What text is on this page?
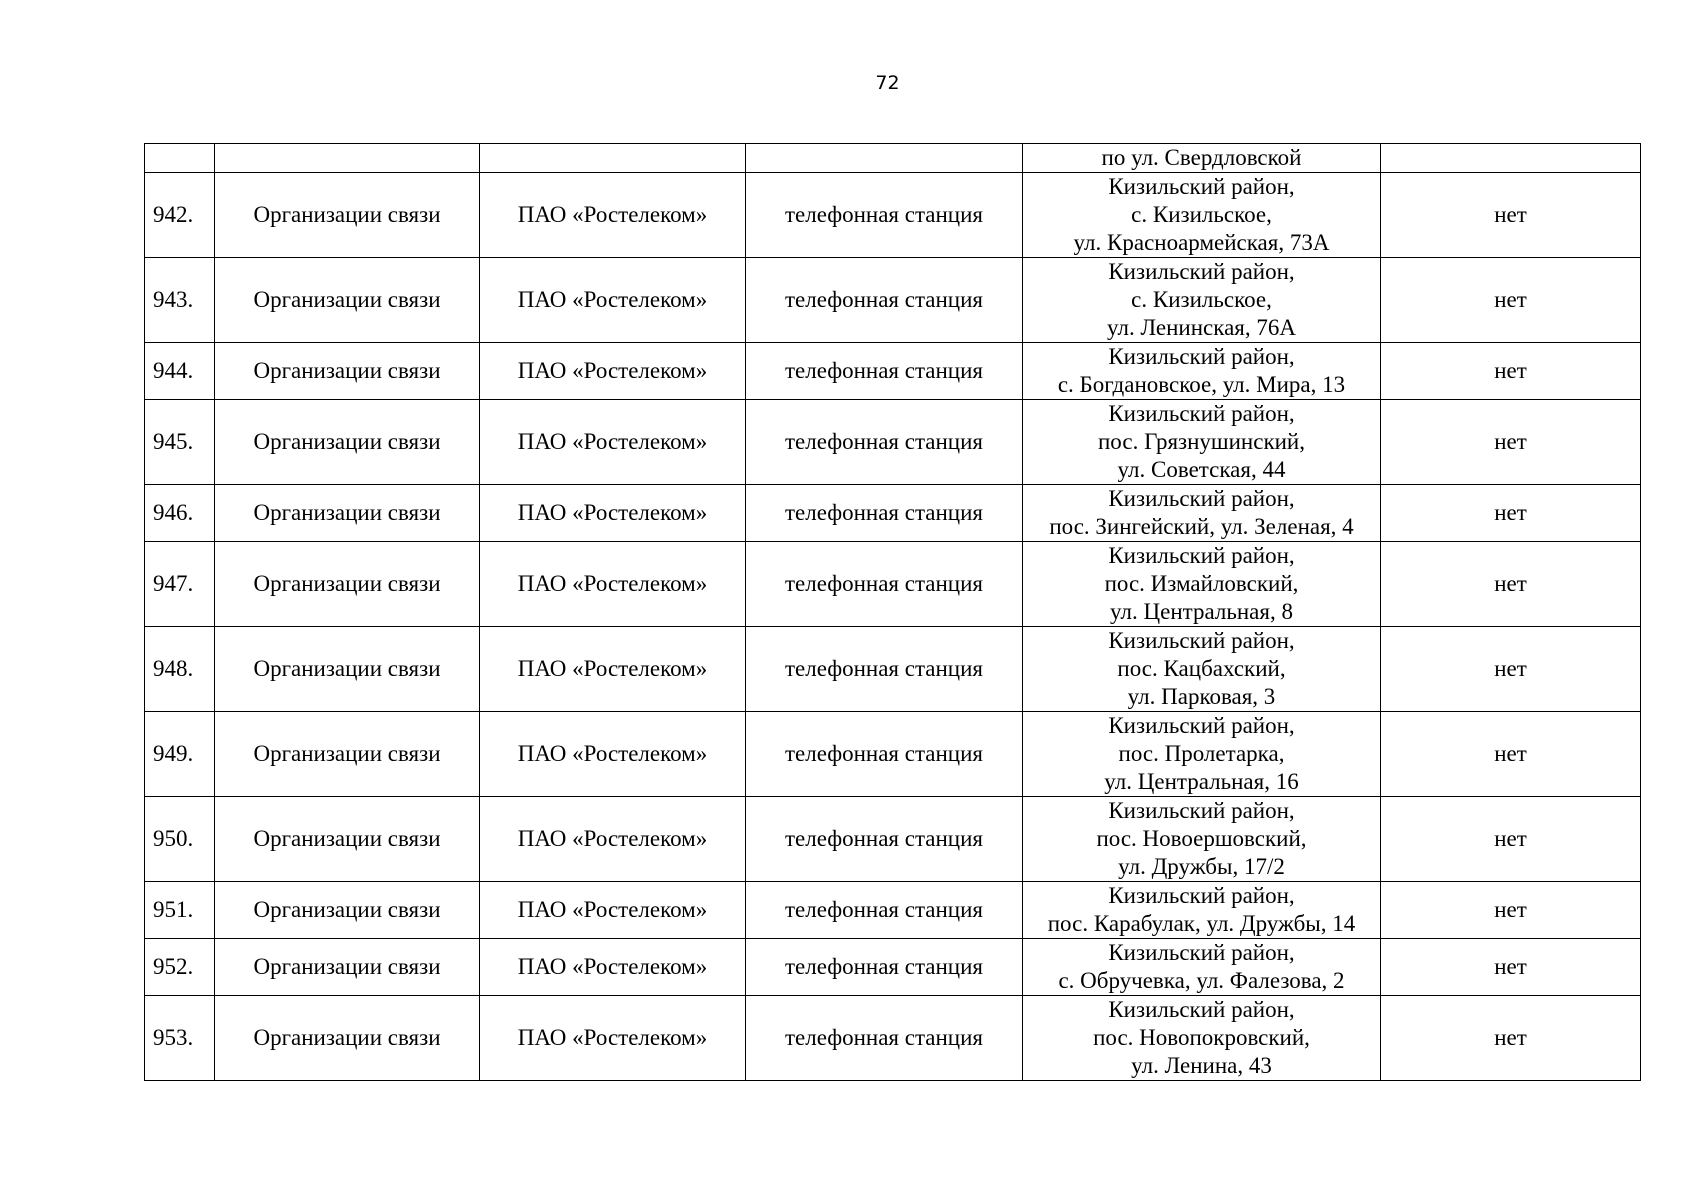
72

				по ул. Свердловской	

942.	Организации связи	ПАО «Ростелеком»	телефонная станция	Кизильский район,
с. Кизильское,
ул. Красноармейская, 73А	нет
943.	Организации связи	ПАО «Ростелеком»	телефонная станция	Кизильский район,
с. Кизильское,
ул. Ленинская, 76А	нет
944.	Организации связи	ПАО «Ростелеком»	телефонная станция	Кизильский район,
с. Богдановское, ул. Мира, 13	нет
945.	Организации связи	ПАО «Ростелеком»	телефонная станция	Кизильский район,
пос. Грязнушинский,
ул. Советская, 44	нет
946.	Организации связи	ПАО «Ростелеком»	телефонная станция	Кизильский район,
пос. Зингейский, ул. Зеленая, 4	нет
947.	Организации связи	ПАО «Ростелеком»	телефонная станция	Кизильский район,
пос. Измайловский,
ул. Центральная, 8	нет
948.	Организации связи	ПАО «Ростелеком»	телефонная станция	Кизильский район,
пос. Кацбахский,
ул. Парковая, 3	нет
949.	Организации связи	ПАО «Ростелеком»	телефонная станция	Кизильский район,
пос. Пролетарка,
ул. Центральная, 16	нет
950.	Организации связи	ПАО «Ростелеком»	телефонная станция	Кизильский район,
пос. Новоершовский,
ул. Дружбы, 17/2	нет
951.	Организации связи	ПАО «Ростелеком»	телефонная станция	Кизильский район,
пос. Карабулак, ул. Дружбы, 14	нет
952.	Организации связи	ПАО «Ростелеком»	телефонная станция	Кизильский район,
с. Обручевка, ул. Фалезова, 2	нет
953.	Организации связи	ПАО «Ростелеком»	телефонная станция	Кизильский район,
пос. Новопокровский,
ул. Ленина, 43	нет
